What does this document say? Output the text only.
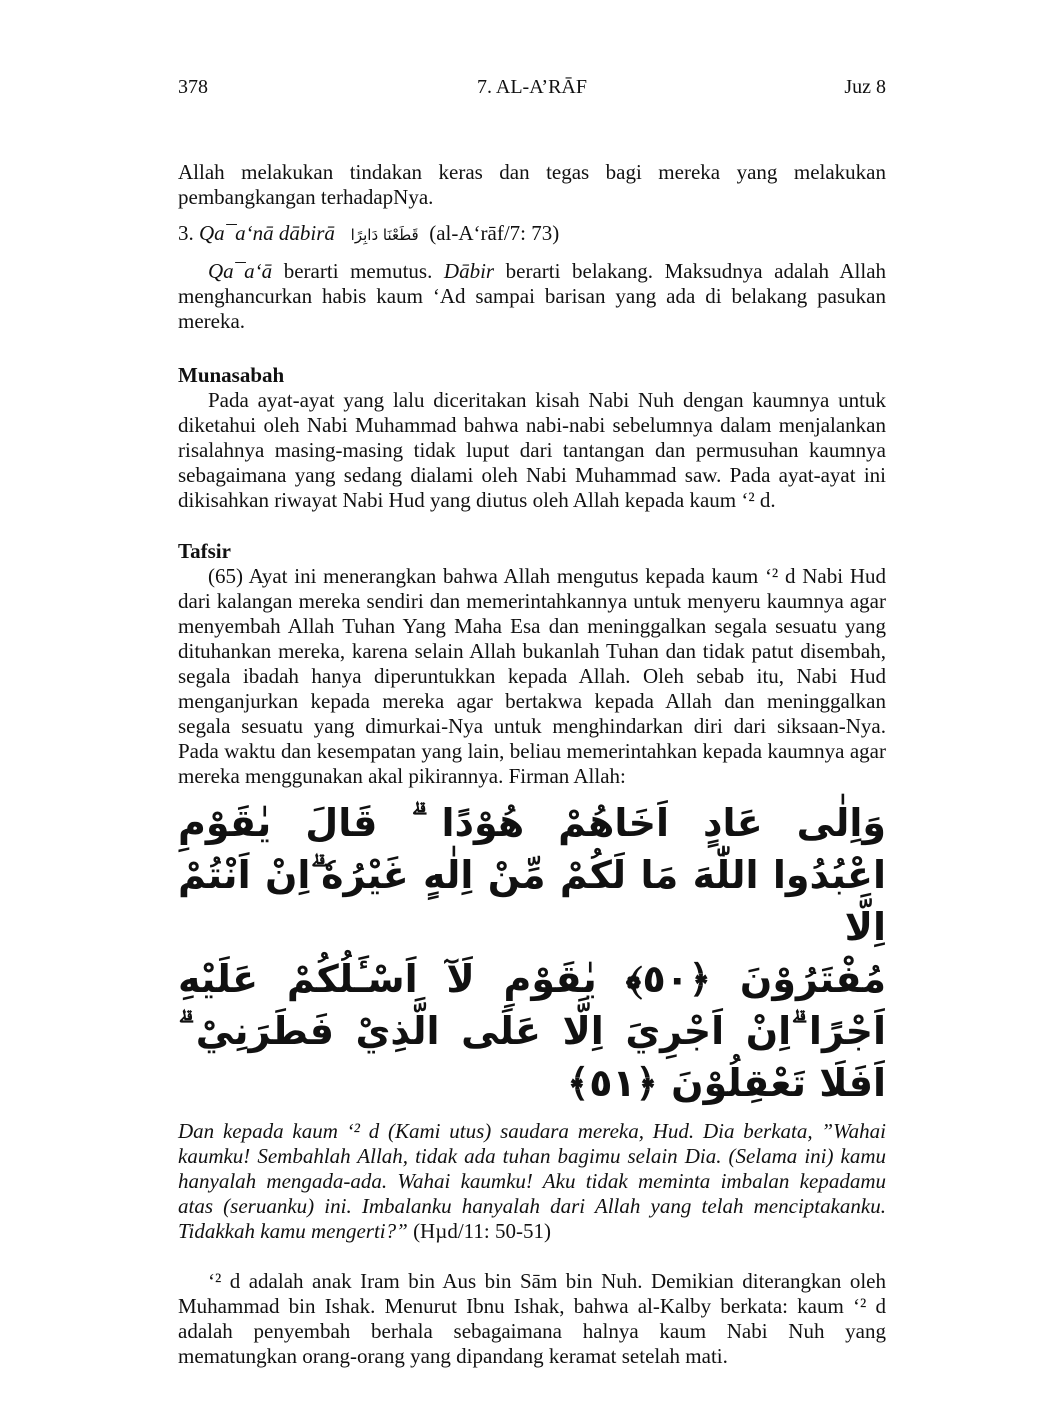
378	7. AL-A’RĀF	Juz 8

Allah melakukan tindakan keras dan tegas bagi mereka yang melakukan pembangkangan terhadapNya.

3. Qa¯a‘nā dābirā قَطَعْنَا دَابِرًا (al-A‘rāf/7: 73)

Qa¯a‘ā berarti memutus. Dābir berarti belakang. Maksudnya adalah Allah menghancurkan habis kaum ‘Ad sampai barisan yang ada di belakang pasukan mereka.

Munasabah

Pada ayat-ayat yang lalu diceritakan kisah Nabi Nuh dengan kaumnya untuk diketahui oleh Nabi Muhammad bahwa nabi-nabi sebelumnya dalam menjalankan risalahnya masing-masing tidak luput dari tantangan dan permusuhan kaumnya sebagaimana yang sedang dialami oleh Nabi Muhammad saw. Pada ayat-ayat ini dikisahkan riwayat Nabi Hud yang diutus oleh Allah kepada kaum ‘² d.

Tafsir

(65) Ayat ini menerangkan bahwa Allah mengutus kepada kaum ‘² d Nabi Hud dari kalangan mereka sendiri dan memerintahkannya untuk menyeru kaumnya agar menyembah Allah Tuhan Yang Maha Esa dan meninggalkan segala sesuatu yang dituhankan mereka, karena selain Allah bukanlah Tuhan dan tidak patut disembah, segala ibadah hanya diperuntukkan kepada Allah. Oleh sebab itu, Nabi Hud menganjurkan kepada mereka agar bertakwa kepada Allah dan meninggalkan segala sesuatu yang dimurkai-Nya untuk menghindarkan diri dari siksaan-Nya. Pada waktu dan kesempatan yang lain, beliau memerintahkan kepada kaumnya agar mereka menggunakan akal pikirannya. Firman Allah:

وَاِلٰى عَادٍ اَخَاهُمْ هُوْدًا ۗ قَالَ يٰقَوْمِ اعْبُدُوا اللّٰهَ مَا لَكُمْ مِّنْ اِلٰهٍ غَيْرُهٗ ۗاِنْ اَنْتُمْ اِلَّا
مُفْتَرُوْنَ ﴿٥٠﴾ يٰقَوْمِ لَآ اَسْـَٔلُكُمْ عَلَيْهِ اَجْرًا ۗاِنْ اَجْرِيَ اِلَّا عَلَى الَّذِيْ فَطَرَنِيْ ۗ
اَفَلَا تَعْقِلُوْنَ ﴿٥١﴾

Dan kepada kaum ‘² d (Kami utus) saudara mereka, Hud. Dia berkata, ”Wahai kaumku! Sembahlah Allah, tidak ada tuhan bagimu selain Dia. (Selama ini) kamu hanyalah mengada-ada. Wahai kaumku! Aku tidak meminta imbalan kepadamu atas (seruanku) ini. Imbalanku hanyalah dari Allah yang telah menciptakanku. Tidakkah kamu mengerti?” (Hµd/11: 50-51)

‘² d adalah anak Iram bin Aus bin Sām bin Nuh. Demikian diterangkan oleh Muhammad bin Ishak. Menurut Ibnu Ishak, bahwa al-Kalby berkata: kaum ‘² d adalah penyembah berhala sebagaimana halnya kaum Nabi Nuh yang mematungkan orang-orang yang dipandang keramat setelah mati.
